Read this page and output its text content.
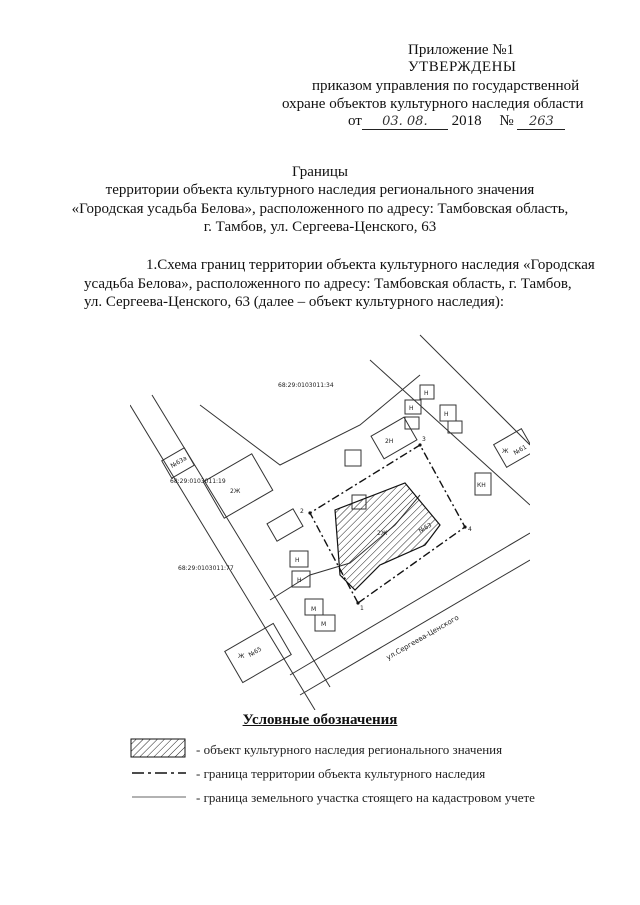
Приложение №1
УТВЕРЖДЕНЫ
приказом управления по государственной
охране объектов культурного наследия области
от 03. 08. 2018 № 263
Границы
территории объекта культурного наследия регионального значения
«Городская усадьба Белова», расположенного по адресу: Тамбовская область,
г. Тамбов, ул. Сергеева-Ценского, 63
1.Схема границ территории объекта культурного наследия «Городская
усадьба Белова», расположенного по адресу: Тамбовская область, г. Тамбов,
ул. Сергеева-Ценского, 63 (далее – объект культурного наследия):
68:29:0103011:34
68:29:0103011:19
68:29:0103011:77
ул.Сергеева-Ценского
№63а
№61
№65
№63
2Ж
2Н
2Ж
КН
Ж
Ж
Н
Н
М
М
Н
Н
Н
1
2
3
4
Условные обозначения
- объект культурного наследия регионального значения
- граница территории объекта культурного наследия
- граница земельного участка стоящего на кадастровом учете
